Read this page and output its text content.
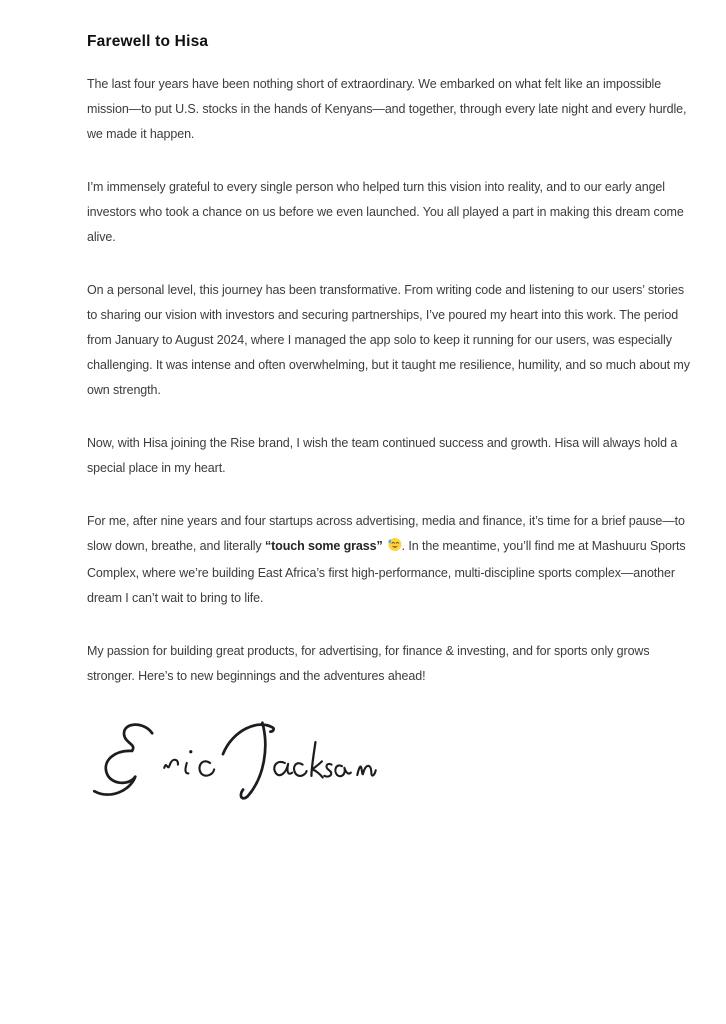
Farewell to Hisa

The last four years have been nothing short of extraordinary. We embarked on what felt like an impossible mission—to put U.S. stocks in the hands of Kenyans—and together, through every late night and every hurdle, we made it happen.

I’m immensely grateful to every single person who helped turn this vision into reality, and to our early angel investors who took a chance on us before we even launched. You all played a part in making this dream come alive.

On a personal level, this journey has been transformative. From writing code and listening to our users’ stories to sharing our vision with investors and securing partnerships, I’ve poured my heart into this work. The period from January to August 2024, where I managed the app solo to keep it running for our users, was especially challenging. It was intense and often overwhelming, but it taught me resilience, humility, and so much about my own strength.

Now, with Hisa joining the Rise brand, I wish the team continued success and growth. Hisa will always hold a special place in my heart.

For me, after nine years and four startups across advertising, media and finance, it’s time for a brief pause—to slow down, breathe, and literally “touch some grass” . In the meantime, you’ll find me at Mashuuru Sports Complex, where we’re building East Africa’s first high-performance, multi-discipline sports complex—another dream I can’t wait to bring to life.

My passion for building great products, for advertising, for finance & investing, and for sports only grows stronger. Here’s to new beginnings and the adventures ahead!
